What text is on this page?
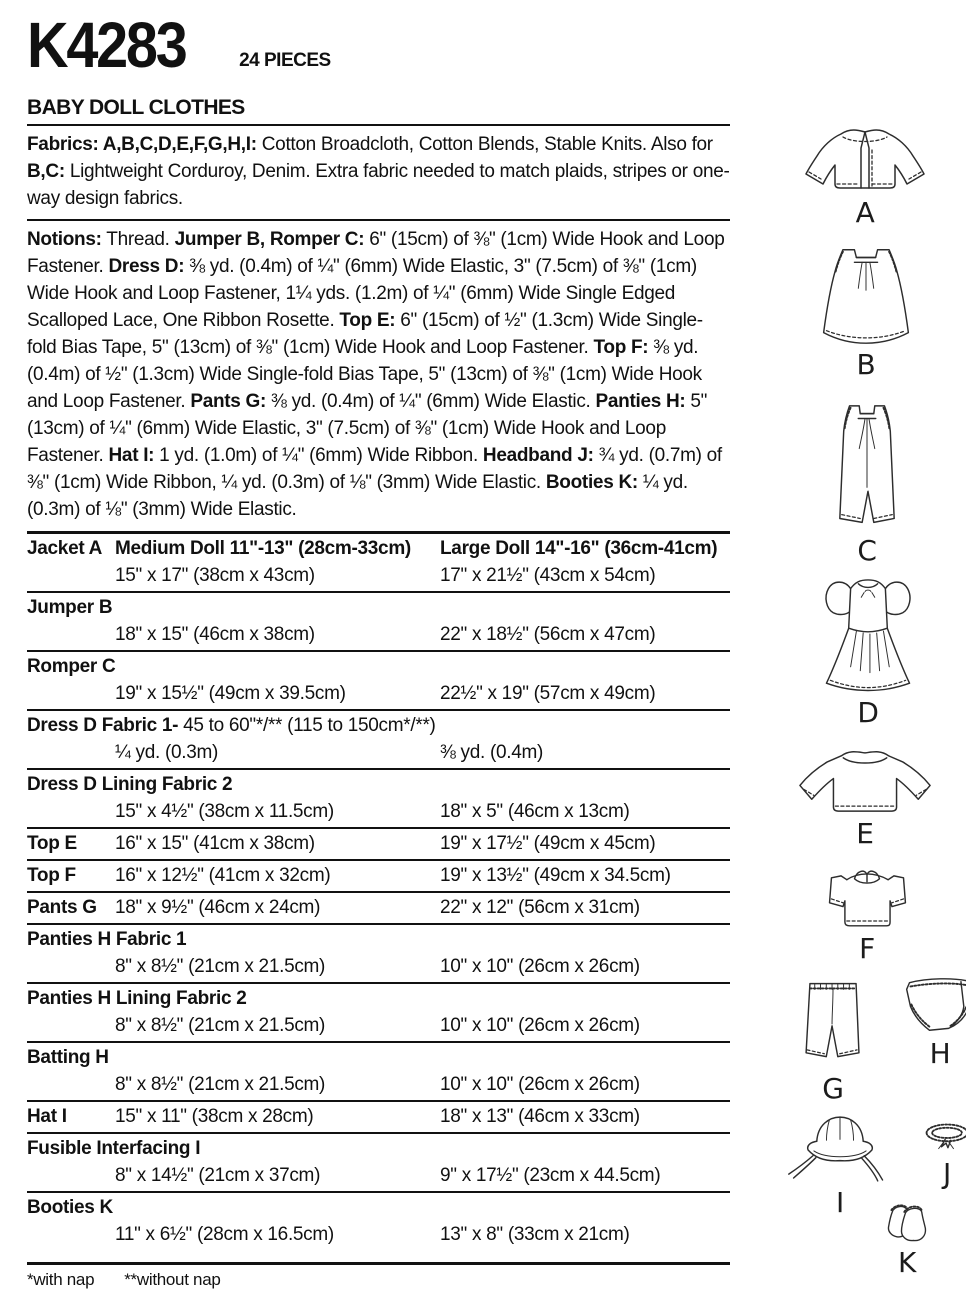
K4283	24 PIECES
BABY DOLL CLOTHES

Fabrics: A,B,C,D,E,F,G,H,I: Cotton Broadcloth, Cotton Blends, Stable Knits. Also for B,C: Lightweight Corduroy, Denim. Extra fabric needed to match plaids, stripes or one-way design fabrics.

Notions: Thread. Jumper B, Romper C: 6" (15cm) of ⅜" (1cm) Wide Hook and Loop Fastener. Dress D: ⅜ yd. (0.4m) of ¼" (6mm) Wide Elastic, 3" (7.5cm) of ⅜" (1cm) Wide Hook and Loop Fastener, 1¼ yds. (1.2m) of ¼" (6mm) Wide Single Edged Scalloped Lace, One Ribbon Rosette. Top E: 6" (15cm) of ½" (1.3cm) Wide Single-fold Bias Tape, 5" (13cm) of ⅜" (1cm) Wide Hook and Loop Fastener. Top F: ⅜ yd. (0.4m) of ½" (1.3cm) Wide Single-fold Bias Tape, 5" (13cm) of ⅜" (1cm) Wide Hook and Loop Fastener. Pants G: ⅜ yd. (0.4m) of ¼" (6mm) Wide Elastic. Panties H: 5" (13cm) of ¼" (6mm) Wide Elastic, 3" (7.5cm) of ⅜" (1cm) Wide Hook and Loop Fastener. Hat I: 1 yd. (1.0m) of ¼" (6mm) Wide Ribbon. Headband J: ¾ yd. (0.7m) of ⅜" (1cm) Wide Ribbon, ¼ yd. (0.3m) of ⅛" (3mm) Wide Elastic. Booties K: ¼ yd. (0.3m) of ⅛" (3mm) Wide Elastic.

Jacket A Medium Doll 11"-13" (28cm-33cm)	Large Doll 14"-16" (36cm-41cm)
15" x 17" (38cm x 43cm)	17" x 21½" (43cm x 54cm)
Jumper B
18" x 15" (46cm x 38cm)	22" x 18½" (56cm x 47cm)
Romper C
19" x 15½" (49cm x 39.5cm)	22½" x 19" (57cm x 49cm)
Dress D Fabric 1- 45 to 60"*/** (115 to 150cm*/**)
¼ yd. (0.3m)	⅜ yd. (0.4m)
Dress D Lining Fabric 2
15" x 4½" (38cm x 11.5cm)	18" x 5" (46cm x 13cm)
Top E	16" x 15" (41cm x 38cm)	19" x 17½" (49cm x 45cm)
Top F	16" x 12½" (41cm x 32cm)	19" x 13½" (49cm x 34.5cm)
Pants G 18" x 9½" (46cm x 24cm)	22" x 12" (56cm x 31cm)
Panties H Fabric 1
8" x 8½" (21cm x 21.5cm)	10" x 10" (26cm x 26cm)
Panties H Lining Fabric 2
8" x 8½" (21cm x 21.5cm)	10" x 10" (26cm x 26cm)
Batting H
8" x 8½" (21cm x 21.5cm)	10" x 10" (26cm x 26cm)
Hat I	15" x 11" (38cm x 28cm)	18" x 13" (46cm x 33cm)
Fusible Interfacing I
8" x 14½" (21cm x 37cm)	9" x 17½" (23cm x 44.5cm)
Booties K
11" x 6½" (28cm x 16.5cm)	13" x 8" (33cm x 21cm)
*with nap **without nap
A
B
C
D
E
F
G
H
I
J
K
